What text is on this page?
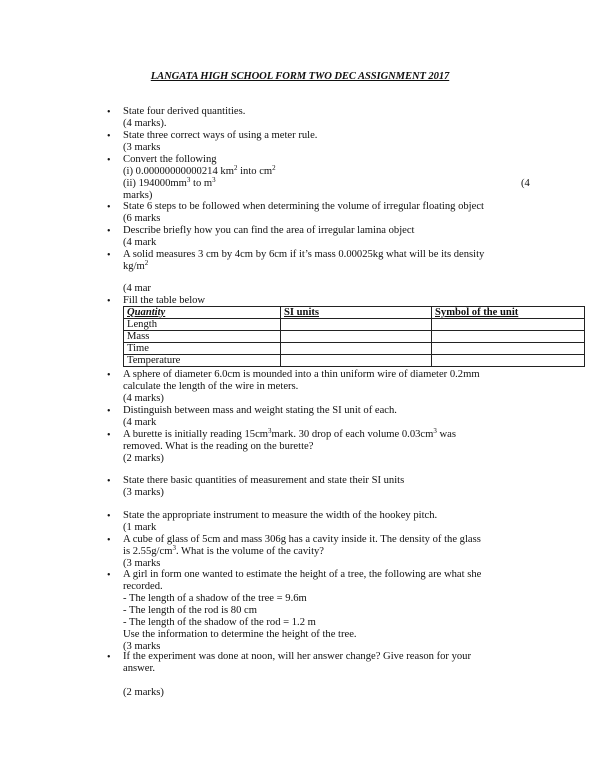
LANGATA HIGH SCHOOL FORM TWO DEC ASSIGNMENT 2017
• State four derived quantities.
(4 marks).
• State three correct ways of using a meter rule.
(3 marks
• Convert the following
(i) 0.00000000000214 $km^2$ into $cm^2$
(ii) $194000mm^3$ to $m^3$	(4
marks)
• State 6 steps to be followed when determining the volume of irregular floating object
(6 marks
• Describe briefly how you can find the area of irregular lamina object
(4 mark
• A solid measures 3 cm by 4cm by 6cm if it’s mass 0.00025kg what will be its density
$kg/m^2$
(4 mar
• Fill the table below
Quantity	SI units	Symbol of the unit
Length		
Mass		
Time		
Temperature		
• A sphere of diameter 6.0cm is mounded into a thin uniform wire of diameter 0.2mm
calculate the length of the wire in meters.
(4 marks)
• Distinguish between mass and weight stating the SI unit of each.
(4 mark
• A burette is initially reading $15cm^3mark$. 30 drop of each volume $0.03cm^3$ was
removed. What is the reading on the burette?
(2 marks)
• State there basic quantities of measurement and state their SI units
(3 marks)
• State the appropriate instrument to measure the width of the hookey pitch.
(1 mark
• A cube of glass of 5cm and mass 306g has a cavity inside it. The density of the glass
is $2.55g/cm^3$. What is the volume of the cavity?
(3 marks
• A girl in form one wanted to estimate the height of a tree, the following are what she
recorded.
- The length of a shadow of the tree = 9.6m
- The length of the rod is 80 cm
- The length of the shadow of the rod = 1.2 m
Use the information to determine the height of the tree.
(3 marks
• If the experiment was done at noon, will her answer change? Give reason for your
answer.
(2 marks)
